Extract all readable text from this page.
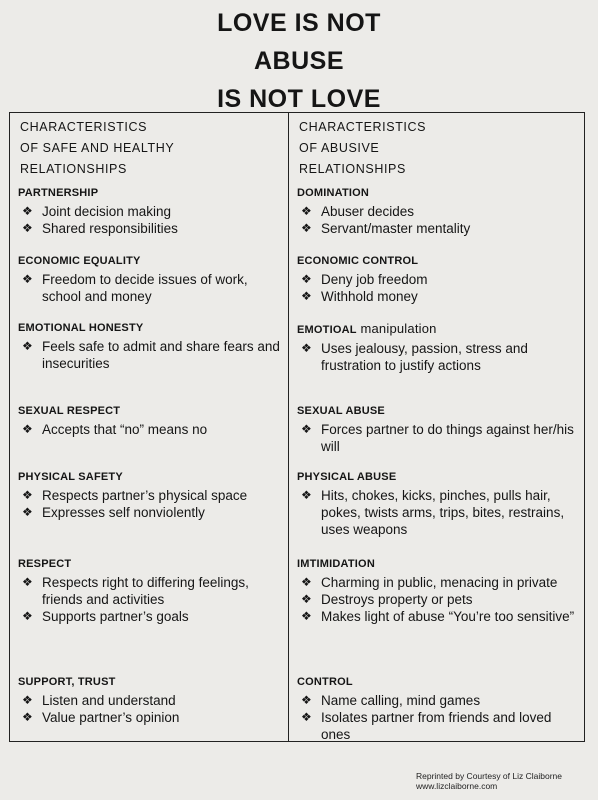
LOVE IS NOT
ABUSE
IS NOT LOVE
CHARACTERISTICS
OF SAFE AND HEALTHY
RELATIONSHIPS
PARTNERSHIP
❖ Joint decision making
❖ Shared responsibilities
ECONOMIC EQUALITY
❖ Freedom to decide issues of work, school and money
EMOTIONAL HONESTY
❖ Feels safe to admit and share fears and insecurities
SEXUAL RESPECT
❖ Accepts that “no” means no
PHYSICAL SAFETY
❖ Respects partner’s physical space
❖ Expresses self nonviolently
RESPECT
❖ Respects right to differing feelings, friends and activities
❖ Supports partner’s goals
SUPPORT, TRUST
❖ Listen and understand
❖ Value partner’s opinion
CHARACTERISTICS
OF ABUSIVE
RELATIONSHIPS
DOMINATION
❖ Abuser decides
❖ Servant/master mentality
ECONOMIC CONTROL
❖ Deny job freedom
❖ Withhold money
EMOTIOAL manipulation
❖ Uses jealousy, passion, stress and frustration to justify actions
SEXUAL ABUSE
❖ Forces partner to do things against her/his will
PHYSICAL ABUSE
❖ Hits, chokes, kicks, pinches, pulls hair, pokes, twists arms, trips, bites, restrains, uses weapons
IMTIMIDATION
❖ Charming in public, menacing in private
❖ Destroys property or pets
❖ Makes light of abuse “You’re too sensitive”
CONTROL
❖ Name calling, mind games
❖ Isolates partner from friends and loved ones
Reprinted by Courtesy of Liz Claiborne
www.lizclaiborne.com
